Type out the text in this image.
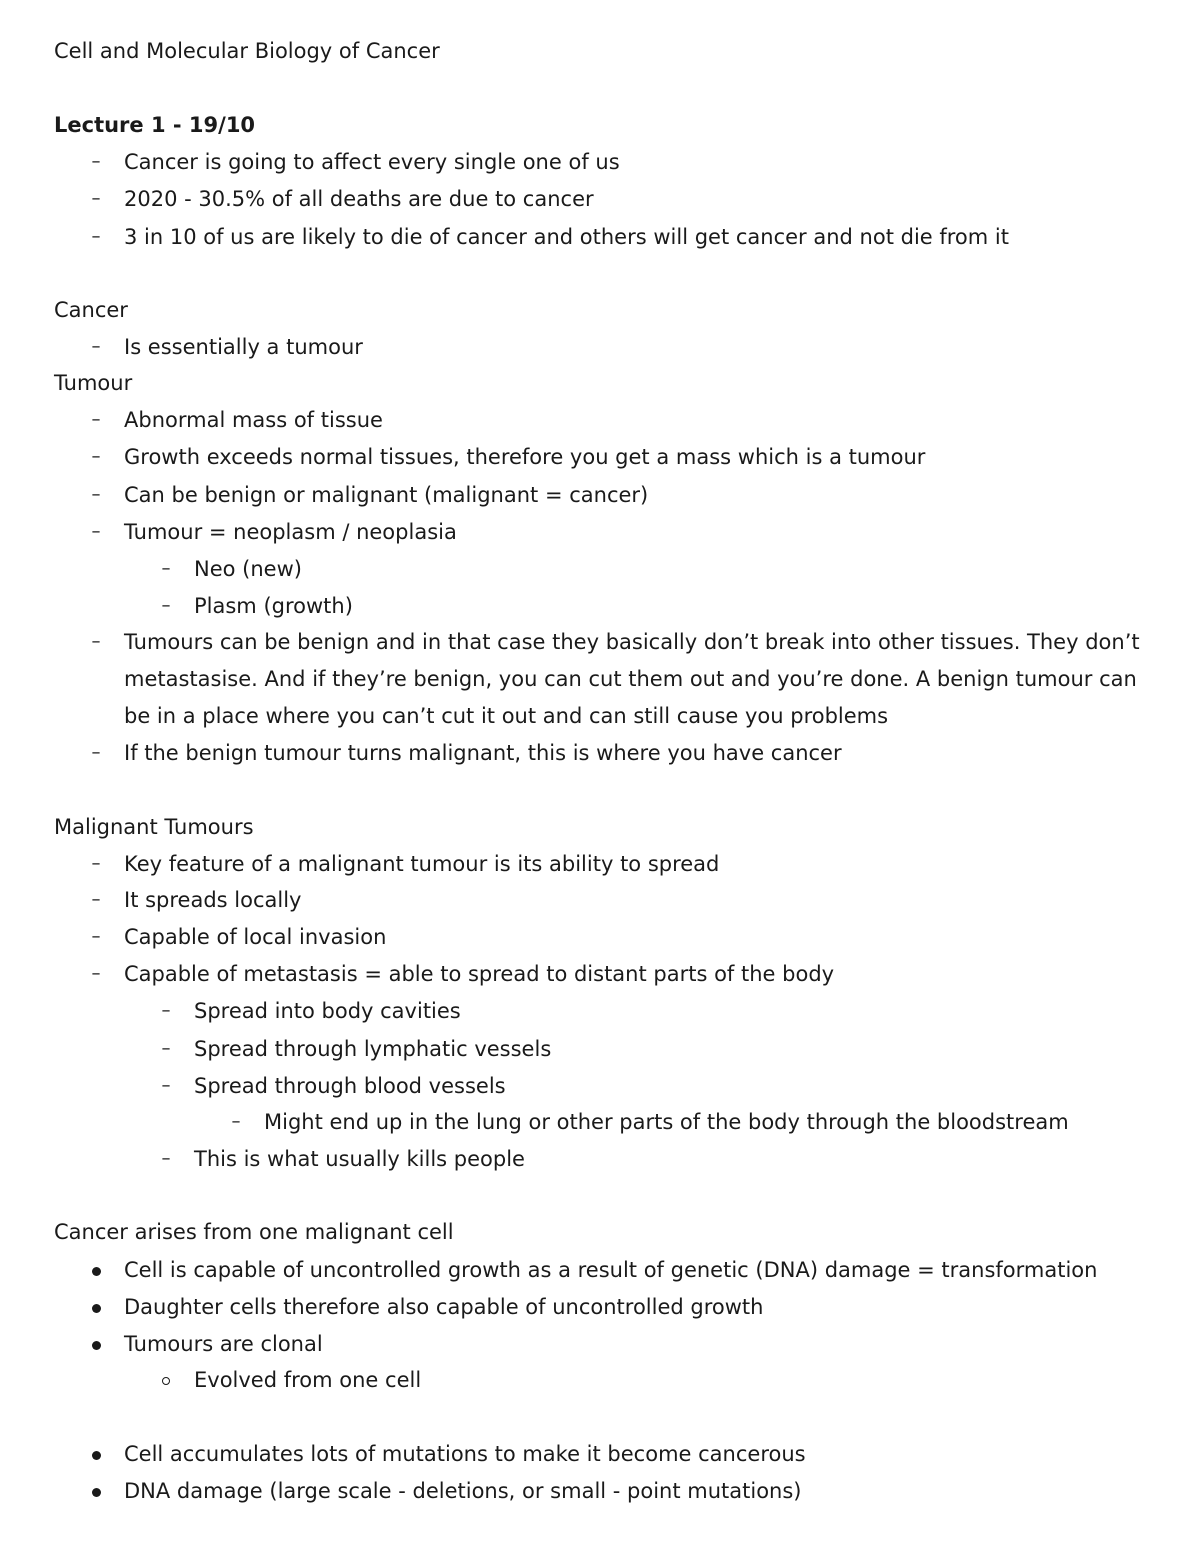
Cell and Molecular Biology of Cancer
Lecture 1 - 19/10
– Cancer is going to affect every single one of us
– 2020 - 30.5% of all deaths are due to cancer
– 3 in 10 of us are likely to die of cancer and others will get cancer and not die from it
Cancer
– Is essentially a tumour
Tumour
– Abnormal mass of tissue
– Growth exceeds normal tissues, therefore you get a mass which is a tumour
– Can be benign or malignant (malignant = cancer)
– Tumour = neoplasm / neoplasia
– Neo (new)
– Plasm (growth)
– Tumours can be benign and in that case they basically don’t break into other tissues. They don’t
metastasise. And if they’re benign, you can cut them out and you’re done. A benign tumour can
be in a place where you can’t cut it out and can still cause you problems
– If the benign tumour turns malignant, this is where you have cancer
Malignant Tumours
– Key feature of a malignant tumour is its ability to spread
– It spreads locally
– Capable of local invasion
– Capable of metastasis = able to spread to distant parts of the body
– Spread into body cavities
– Spread through lymphatic vessels
– Spread through blood vessels
– Might end up in the lung or other parts of the body through the bloodstream
– This is what usually kills people
Cancer arises from one malignant cell
Cell is capable of uncontrolled growth as a result of genetic (DNA) damage = transformation
Daughter cells therefore also capable of uncontrolled growth
Tumours are clonal
Evolved from one cell
Cell accumulates lots of mutations to make it become cancerous
DNA damage (large scale - deletions, or small - point mutations)
